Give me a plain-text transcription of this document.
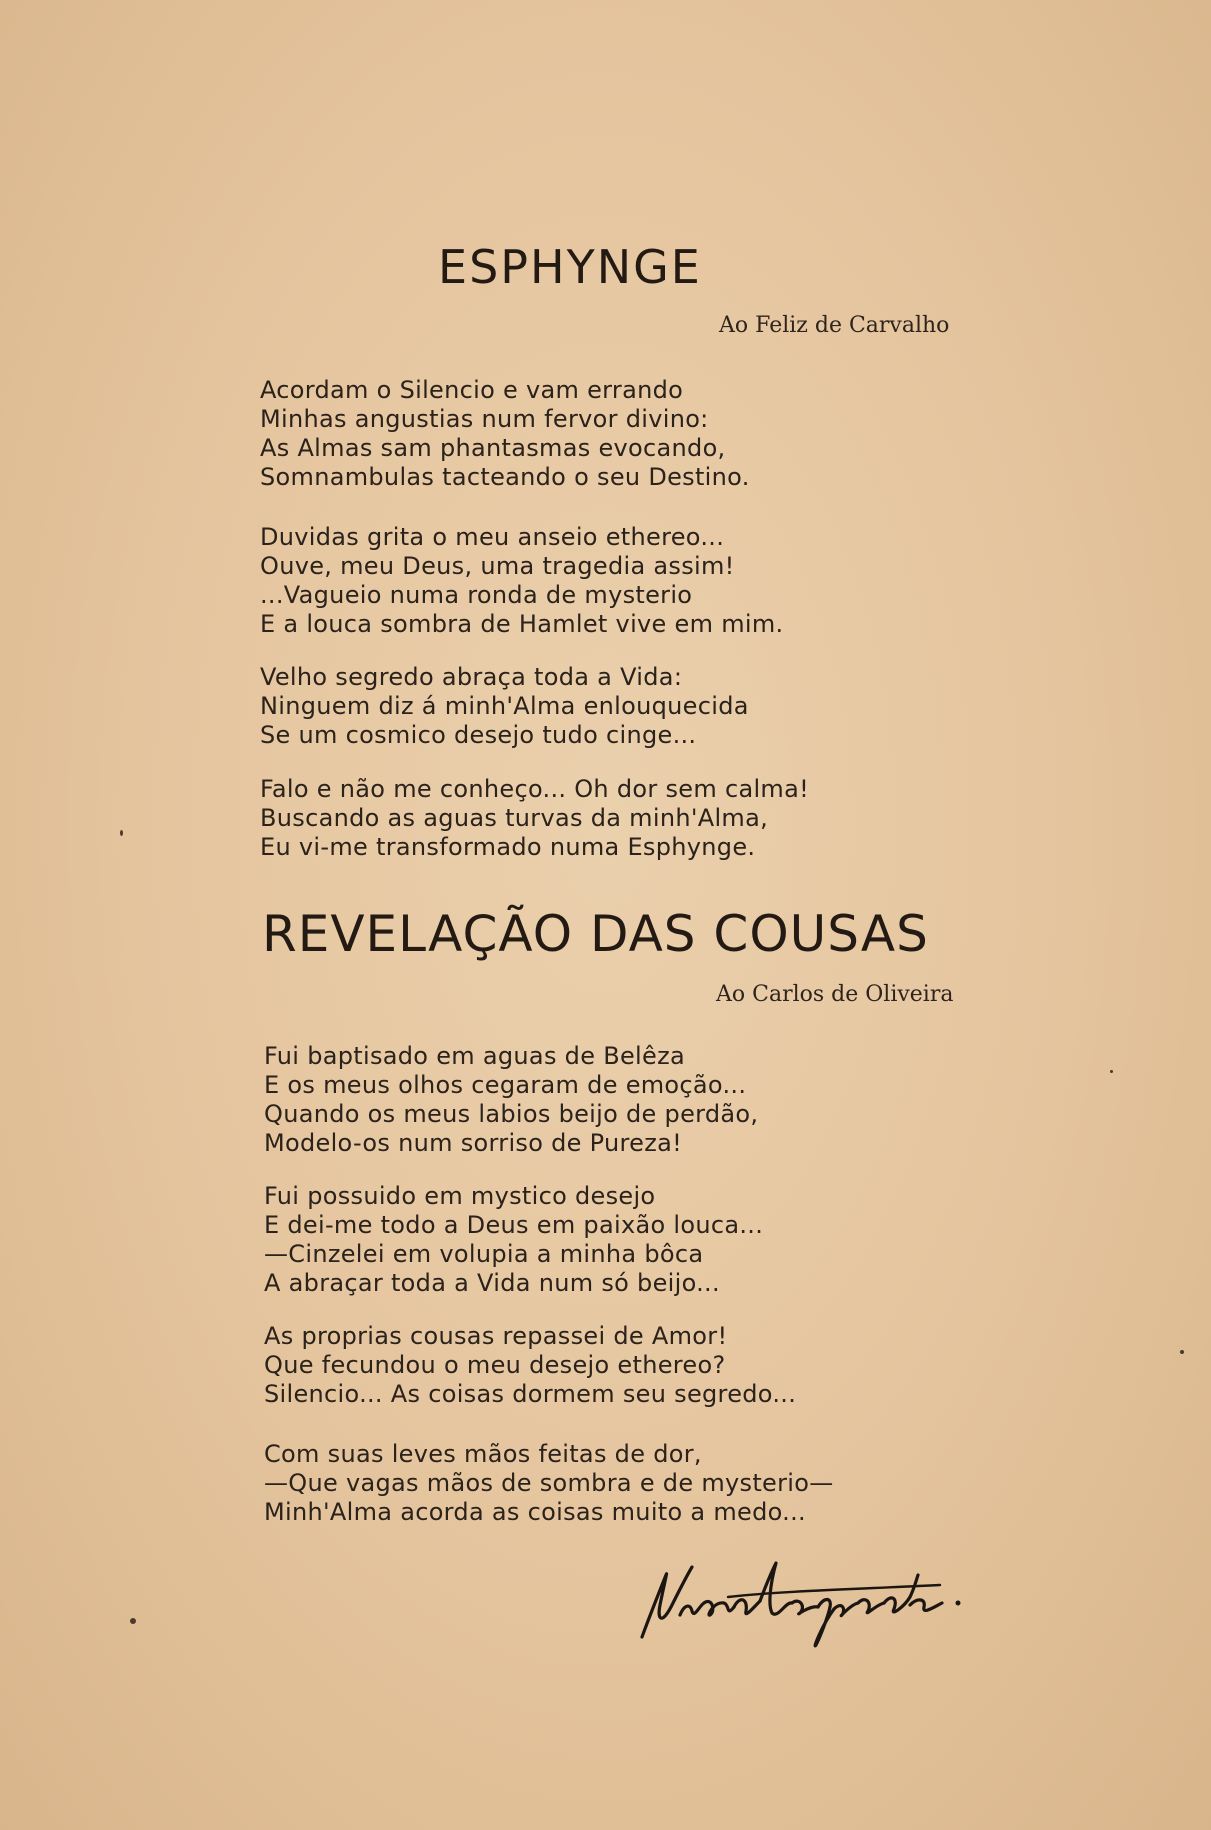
ESPHYNGE
Ao Feliz de Carvalho
Acordam o Silencio e vam errando
Minhas angustias num fervor divino:
As Almas sam phantasmas evocando,
Somnambulas tacteando o seu Destino.
Duvidas grita o meu anseio ethereo...
Ouve, meu Deus, uma tragedia assim!
...Vagueio numa ronda de mysterio
E a louca sombra de Hamlet vive em mim.
Velho segredo abraça toda a Vida:
Ninguem diz á minh'Alma enlouquecida
Se um cosmico desejo tudo cinge...
Falo e não me conheço... Oh dor sem calma!
Buscando as aguas turvas da minh'Alma,
Eu vi-me transformado numa Esphynge.
REVELAÇÃO DAS COUSAS
Ao Carlos de Oliveira
Fui baptisado em aguas de Belêza
E os meus olhos cegaram de emoção...
Quando os meus labios beijo de perdão,
Modelo-os num sorriso de Pureza!
Fui possuido em mystico desejo
E dei-me todo a Deus em paixão louca...
—Cinzelei em volupia a minha bôca
A abraçar toda a Vida num só beijo...
As proprias cousas repassei de Amor!
Que fecundou o meu desejo ethereo?
Silencio... As coisas dormem seu segredo...
Com suas leves mãos feitas de dor,
—Que vagas mãos de sombra e de mysterio—
Minh'Alma acorda as coisas muito a medo...
